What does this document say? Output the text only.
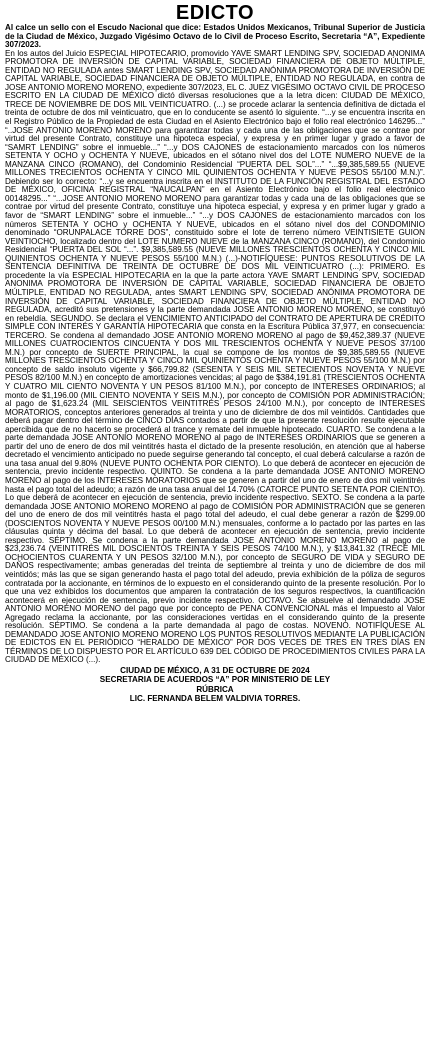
EDICTO

Al calce un sello con el Escudo Nacional que dice: Estados Unidos Mexicanos, Tribunal Superior de Justicia de la Ciudad de México, Juzgado Vigésimo Octavo de lo Civil de Proceso Escrito, Secretaria “A”, Expediente 307/2023.

En los autos del Juicio ESPECIAL HIPOTECARIO, promovido YAVE SMART LENDING SPV, SOCIEDAD ANONIMA PROMOTORA DE INVERSIÓN DE CAPITAL VARIABLE, SOCIEDAD FINANCIERA DE OBJETO MÚLTIPLE, ENTIDAD NO REGULADA antes SMART LENDING SPV, SOCIEDAD ANÓNIMA PROMOTORA DE INVERSIÓN DE CAPITAL VARIABLE, SOCIEDAD FINANCIERA DE OBJETO MÚLTIPLE, ENTIDAD NO REGULADA, en contra de JOSE ANTONIO MORENO MORENO, expediente 307/2023, EL C. JUEZ VIGÉSIMO OCTAVO CIVIL DE PROCESO ESCRITO EN LA CIUDAD DE MÉXICO dictó diversas resoluciones que a la letra dicen: CIUDAD DE MÉXICO, TRECE DE NOVIEMBRE DE DOS MIL VEINTICUATRO. (...) se procede aclarar la sentencia definitiva de dictada el treinta de octubre de dos mil veinticuatro, que en lo conducente se asentó lo siguiente. “...y se encuentra inscrita en el Registro Público de la Propiedad de esta Ciudad en el Asiento Electrónico bajo el folio real electrónico 146295...” “..JOSE ANTONIO MORENO MORENO para garantizar todas y cada una de las obligaciones que se contrae por virtud del presente Contrato, constituye una hipoteca especial, y expresa y en primer lugar y grado a favor de “SAMRT LENDING” sobre el inmueble...” “...y DOS CAJONES de estacionamiento marcados con los números SETENTA Y OCHO y OCHENTA Y NUEVE, ubicados en el sótano nivel dos del LOTE NUMERO NUEVE de la MANZANA CINCO (ROMANO), del Condominio Residencial “PUERTA DEL SOL”...” “...$9,385,589.55 (NUEVE MILLONES TRECIENTOS OCHENTA Y CINCO MIL QUINIENTOS OCHENTA Y NUEVE PESOS 55/100 M.N.)”. Debiendo ser lo correcto: “...y se encuentra inscrita en el INSTITUTO DE LA FUNCIÓN REGISTRAL DEL ESTADO DE MÉXICO, OFICINA REGISTRAL “NAUCALPAN” en el Asiento Electrónico bajo el folio real electrónico 00148295...” “...JOSE ANTONIO MORENO MORENO para garantizar todas y cada una de las obligaciones que se contrae por virtud del presente Contrato, constituye una hipoteca especial, y expresa y en primer lugar y grado a favor de “SMART LENDING” sobre el inmueble...” “...y DOS CAJONES de estacionamiento marcados con los números SETENTA Y OCHO y OCHENTA Y NUEVE, ubicados en el sótano nivel dos del CONDOMINIO denominado “ORUNPALACE TORRE DOS”, constituido sobre el lote de terreno número VEINTISIETE GUION VEINTIOCHO, localizado dentro del LOTE NUMERO NUEVE de la MANZANA CINCO (ROMANO), del Condominio Residencial “PUERTA DEL SOL “...”. $9,385,589.55 (NUEVE MILLONES TRESCIENTOS OCHENTA Y CINCO MIL QUINIENTOS OCHENTA Y NUEVE PESOS 55/100 M.N.) (...)-NOTIFÍQUESE: PUNTOS RESOLUTIVOS DE LA SENTENCIA DEFINITIVA DE TREINTA DE OCTUBRE DE DOS MIL VEINTICUATRO (...): PRIMERO. Es procedente la vía ESPECIAL HIPOTECARIA en la que la parte actora YAVE SMART LENDING SPV, SOCIEDAD ANONIMA PROMOTORA DE INVERSIÓN DE CAPITAL VARIABLE, SOCIEDAD FINANCIERA DE OBJETO MÚLTIPLE, ENTIDAD NO REGULADA, antes SMART LENDING SPV, SOCIEDAD ANÓNIMA PROMOTORA DE INVERSIÓN DE CAPITAL VARIABLE, SOCIEDAD FINANCIERA DE OBJETO MÚLTIPLE, ENTIDAD NO REGULADA, acreditó sus pretensiones y la parte demandada JOSE ANTONIO MORENO MORENO, se constituyó en rebeldía. SEGUNDO. Se declara el VENCIMIENTO ANTICIPADO del CONTRATO DE APERTURA DE CRÉDITO SIMPLE CON INTERÉS Y GARANTÍA HIPOTECARIA que consta en la Escritura Pública 37,977, en consecuencia: TERCERO. Se condena al demandado JOSE ANTONIO MORENO MORENO al pago de $9,452,389.37 (NUEVE MILLONES CUATROCIENTOS CINCUENTA Y DOS MIL TRESCIENTOS OCHENTA Y NUEVE PESOS 37/100 M.N.) por concepto de SUERTE PRINCIPAL, la cual se compone de los montos de $9,385,589.55 (NUEVE MILLONES TRESCIENTOS OCHENTA Y CINCO MIL QUINIENTOS OCHENTA Y NUEVE PESOS 55/100 M.N.) por concepto de saldo insoluto vigente y $66,799.82 (SESENTA Y SEIS MIL SETECIENTOS NOVENTA Y NUEVE PESOS 82/100 M.N.) en concepto de amortizaciones vencidas; al pago de $384,191.81 (TRESCIENTOS OCHENTA Y CUATRO MIL CIENTO NOVENTA Y UN PESOS 81/100 M.N.), por concepto de INTERESES ORDINARIOS; al monto de $1,196.00 (MIL CIENTO NOVENTA Y SEIS M.N.), por concepto de COMISIÓN POR ADMINISTRACIÓN; al pago de $1,623.24 (MIL SEISCIENTOS VEINTITRÉS PESOS 24/100 M.N.), por concepto de INTERESES MORATORIOS, conceptos anteriores generados al treinta y uno de diciembre de dos mil veintidós. Cantidades que deberá pagar dentro del término de CINCO DÍAS contados a partir de que la presente resolución resulte ejecutable apercibida que de no hacerlo se procederá al trance y remate del inmueble hipotecado. CUARTO. Se condena a la parte demandada JOSE ANTONIO MORENO MORENO al pago de INTERESES ORDINARIOS que se generen a partir del uno de enero de dos mil veintitrés hasta el dictado de la presente resolución, en atención que al haberse decretado el vencimiento anticipado no puede seguirse generando tal concepto, el cual deberá calcularse a razón de una tasa anual del 9.80% (NUEVE PUNTO OCHENTA POR CIENTO). Lo que deberá de acontecer en ejecución de sentencia, previo incidente respectivo. QUINTO. Se condena a la parte demandada JOSE ANTONIO MORENO MORENO al pago de los INTERESES MORATORIOS que se generen a partir del uno de enero de dos mil veintitrés hasta el pago total del adeudo; a razón de una tasa anual del 14.70% (CATORCE PUNTO SETENTA POR CIENTO). Lo que deberá de acontecer en ejecución de sentencia, previo incidente respectivo. SEXTO. Se condena a la parte demandada JOSE ANTONIO MORENO MORENO al pago de COMISIÓN POR ADMINISTRACIÓN que se generen del uno de enero de dos mil veintitrés hasta el pago total del adeudo, el cual debe generar a razón de $299.00 (DOSCIENTOS NOVENTA Y NUEVE PESOS 00/100 M.N.) mensuales, conforme a lo pactado por las partes en las cláusulas quinta y décima del basal. Lo que deberá de acontecer en ejecución de sentencia, previo incidente respectivo. SÉPTIMO. Se condena a la parte demandada JOSE ANTONIO MORENO MORENO al pago de $23,236.74 (VEINTITRÉS MIL DOSCIENTOS TREINTA Y SEIS PESOS 74/100 M.N.), y $13,841.32 (TRECE MIL OCHOCIENTOS CUARENTA Y UN PESOS 32/100 M.N.), por concepto de SEGURO DE VIDA y SEGURO DE DAÑOS respectivamente; ambas generadas del treinta de septiembre al treinta y uno de diciembre de dos mil veintidós; más las que se sigan generando hasta el pago total del adeudo, previa exhibición de la póliza de seguros contratada por la accionante, en términos de lo expuesto en el considerando quinto de la presente resolución. Por lo que una vez exhibidos los documentos que amparen la contratación de los seguros respectivos, la cuantificación acontecerá en ejecución de sentencia, previo incidente respectivo. OCTAVO. Se absuelve al demandado JOSE ANTONIO MORENO MORENO del pago que por concepto de PENA CONVENCIONAL más el Impuesto al Valor Agregado reclama la accionante, por las consideraciones vertidas en el considerando quinto de la presente resolución. SÉPTIMO. Se condena a la parte demandada al pago de costas. NOVENO. NOTIFÍQUESE AL DEMANDADO JOSE ANTONIO MORENO MORENO LOS PUNTOS RESOLUTIVOS MEDIANTE LA PUBLICACIÓN DE EDICTOS EN EL PERIÓDICO “HERALDO DE MÉXICO” POR DOS VECES DE TRES EN TRES DÍAS EN TÉRMINOS DE LO DISPUESTO POR EL ARTÍCULO 639 DEL CÓDIGO DE PROCEDIMIENTOS CIVILES PARA LA CIUDAD DE MÉXICO (...).

CIUDAD DE MÉXICO, A 31 DE OCTUBRE DE 2024
SECRETARIA DE ACUERDOS “A” POR MINISTERIO DE LEY
RÚBRICA
LIC. FERNANDA BELEM VALDIVIA TORRES.
